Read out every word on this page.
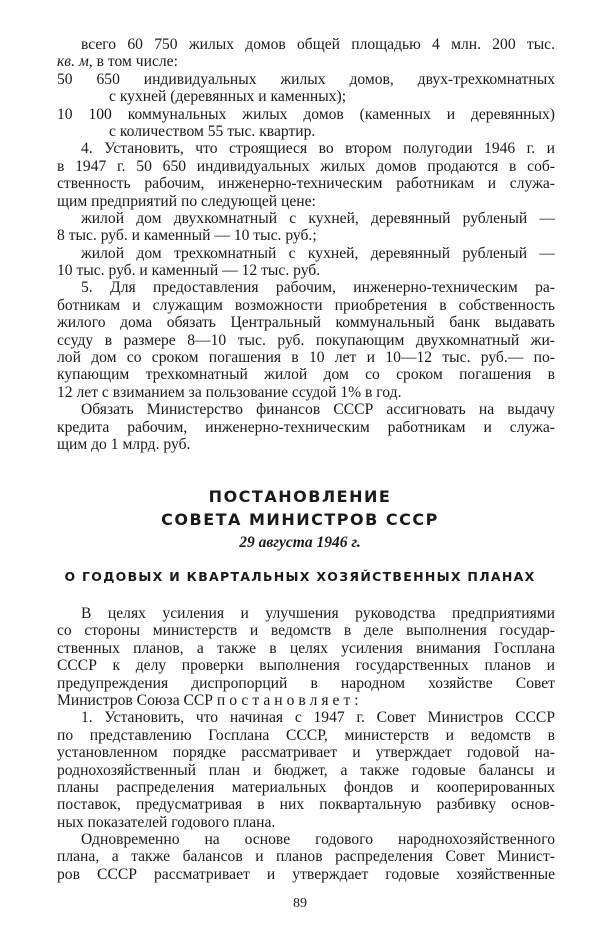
всего 60 750 жилых домов общей площадью 4 млн. 200 тыс.
кв. м, в том числе:
50 650 индивидуальных жилых домов, двух-трехкомнатных
с кухней (деревянных и каменных);
10 100 коммунальных жилых домов (каменных и деревянных)
с количеством 55 тыс. квартир.
4. Установить, что строящиеся во втором полугодии 1946 г. и
в 1947 г. 50 650 индивидуальных жилых домов продаются в соб-
ственность рабочим, инженерно-техническим работникам и служа-
щим предприятий по следующей цене:
жилой дом двухкомнатный с кухней, деревянный рубленый —
8 тыс. руб. и каменный — 10 тыс. руб.;
жилой дом трехкомнатный с кухней, деревянный рубленый —
10 тыс. руб. и каменный — 12 тыс. руб.
5. Для предоставления рабочим, инженерно-техническим ра-
ботникам и служащим возможности приобретения в собственность
жилого дома обязать Центральный коммунальный банк выдавать
ссуду в размере 8—10 тыс. руб. покупающим двухкомнатный жи-
лой дом со сроком погашения в 10 лет и 10—12 тыс. руб.— по-
купающим трехкомнатный жилой дом со сроком погашения в
12 лет с взиманием за пользование ссудой 1% в год.
Обязать Министерство финансов СССР ассигновать на выдачу
кредита рабочим, инженерно-техническим работникам и служа-
щим до 1 млрд. руб.
ПОСТАНОВЛЕНИЕ
СОВЕТА МИНИСТРОВ СССР
29 августа 1946 г.
О ГОДОВЫХ И КВАРТАЛЬНЫХ ХОЗЯЙСТВЕННЫХ ПЛАНАХ
В целях усиления и улучшения руководства предприятиями
со стороны министерств и ведомств в деле выполнения государ-
ственных планов, а также в целях усиления внимания Госплана
СССР к делу проверки выполнения государственных планов и
предупреждения диспропорций в народном хозяйстве Совет
Министров Союза ССР постановляет:
1. Установить, что начиная с 1947 г. Совет Министров СССР
по представлению Госплана СССР, министерств и ведомств в
установленном порядке рассматривает и утверждает годовой на-
роднохозяйственный план и бюджет, а также годовые балансы и
планы распределения материальных фондов и кооперированных
поставок, предусматривая в них поквартальную разбивку основ-
ных показателей годового плана.
Одновременно на основе годового народнохозяйственного
плана, а также балансов и планов распределения Совет Минист-
ров СССР рассматривает и утверждает годовые хозяйственные
89
